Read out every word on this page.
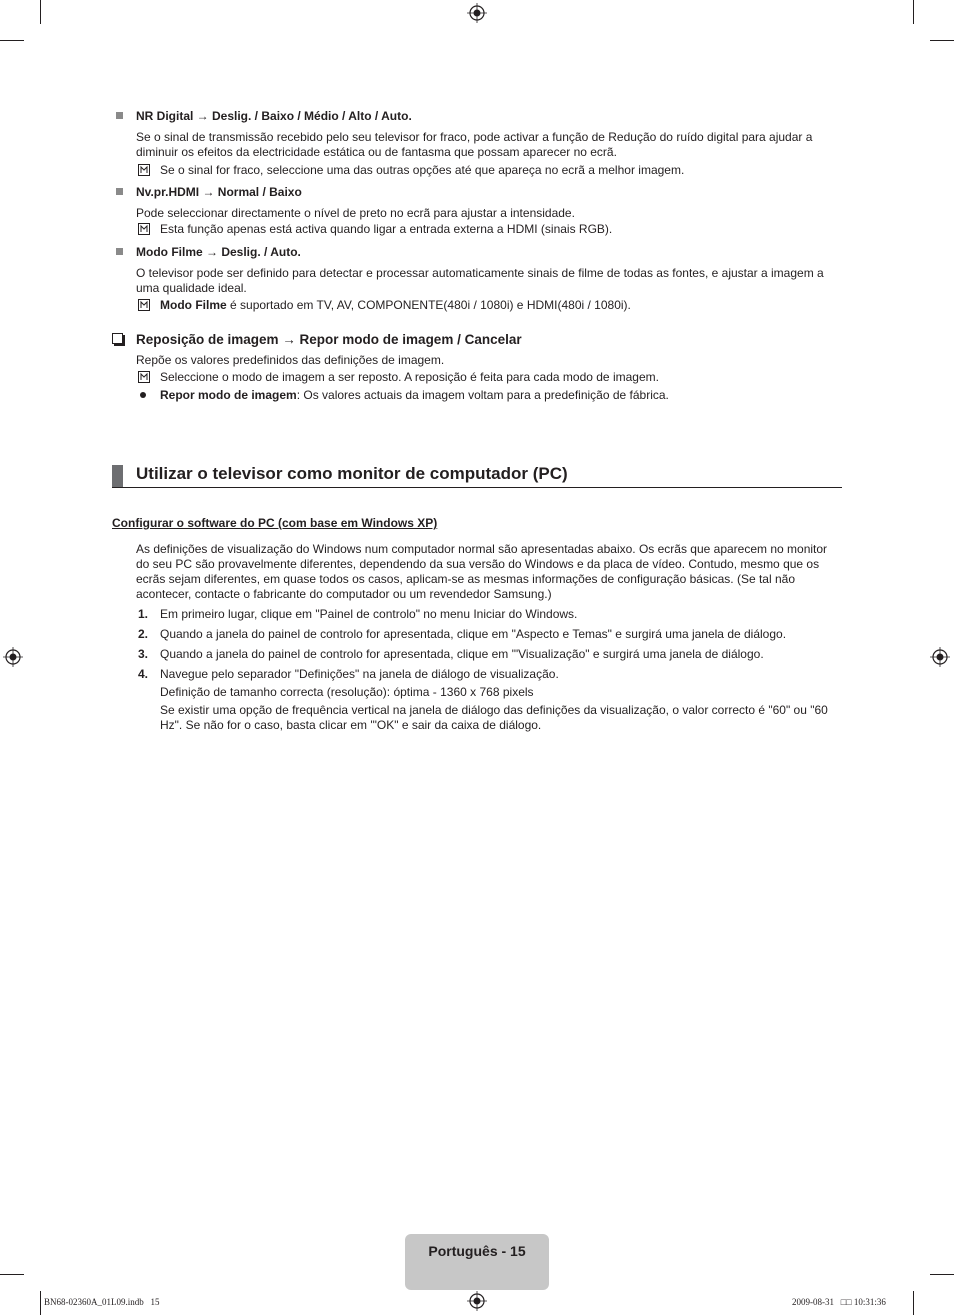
NR Digital → Deslig. / Baixo / Médio / Alto / Auto.
Se o sinal de transmissão recebido pelo seu televisor for fraco, pode activar a função de Redução do ruído digital para ajudar a diminuir os efeitos da electricidade estática ou de fantasma que possam aparecer no ecrã.
Se o sinal for fraco, seleccione uma das outras opções até que apareça no ecrã a melhor imagem.
Nv.pr.HDMI → Normal / Baixo
Pode seleccionar directamente o nível de preto no ecrã para ajustar a intensidade.
Esta função apenas está activa quando ligar a entrada externa a HDMI (sinais RGB).
Modo Filme → Deslig. / Auto.
O televisor pode ser definido para detectar e processar automaticamente sinais de filme de todas as fontes, e ajustar a imagem a uma qualidade ideal.
Modo Filme é suportado em TV, AV, COMPONENTE(480i / 1080i) e HDMI(480i / 1080i).
Reposição de imagem → Repor modo de imagem / Cancelar
Repõe os valores predefinidos das definições de imagem.
Seleccione o modo de imagem a ser reposto. A reposição é feita para cada modo de imagem.
Repor modo de imagem: Os valores actuais da imagem voltam para a predefinição de fábrica.
Utilizar o televisor como monitor de computador (PC)
Configurar o software do PC (com base em Windows XP)
As definições de visualização do Windows num computador normal são apresentadas abaixo. Os ecrãs que aparecem no monitor do seu PC são provavelmente diferentes, dependendo da sua versão do Windows e da placa de vídeo. Contudo, mesmo que os ecrãs sejam diferentes, em quase todos os casos, aplicam-se as mesmas informações de configuração básicas. (Se tal não acontecer, contacte o fabricante do computador ou um revendedor Samsung.)
1. Em primeiro lugar, clique em "Painel de controlo" no menu Iniciar do Windows.
2. Quando a janela do painel de controlo for apresentada, clique em "Aspecto e Temas" e surgirá uma janela de diálogo.
3. Quando a janela do painel de controlo for apresentada, clique em '"Visualização" e surgirá uma janela de diálogo.
4. Navegue pelo separador "Definições" na janela de diálogo de visualização.
Definição de tamanho correcta (resolução): óptima - 1360 x 768 pixels
Se existir uma opção de frequência vertical na janela de diálogo das definições da visualização, o valor correcto é "60" ou "60 Hz". Se não for o caso, basta clicar em '"OK" e sair da caixa de diálogo.
Português - 15
BN68-02360A_01L09.indb   15	2009-08-31   □□ 10:31:36
